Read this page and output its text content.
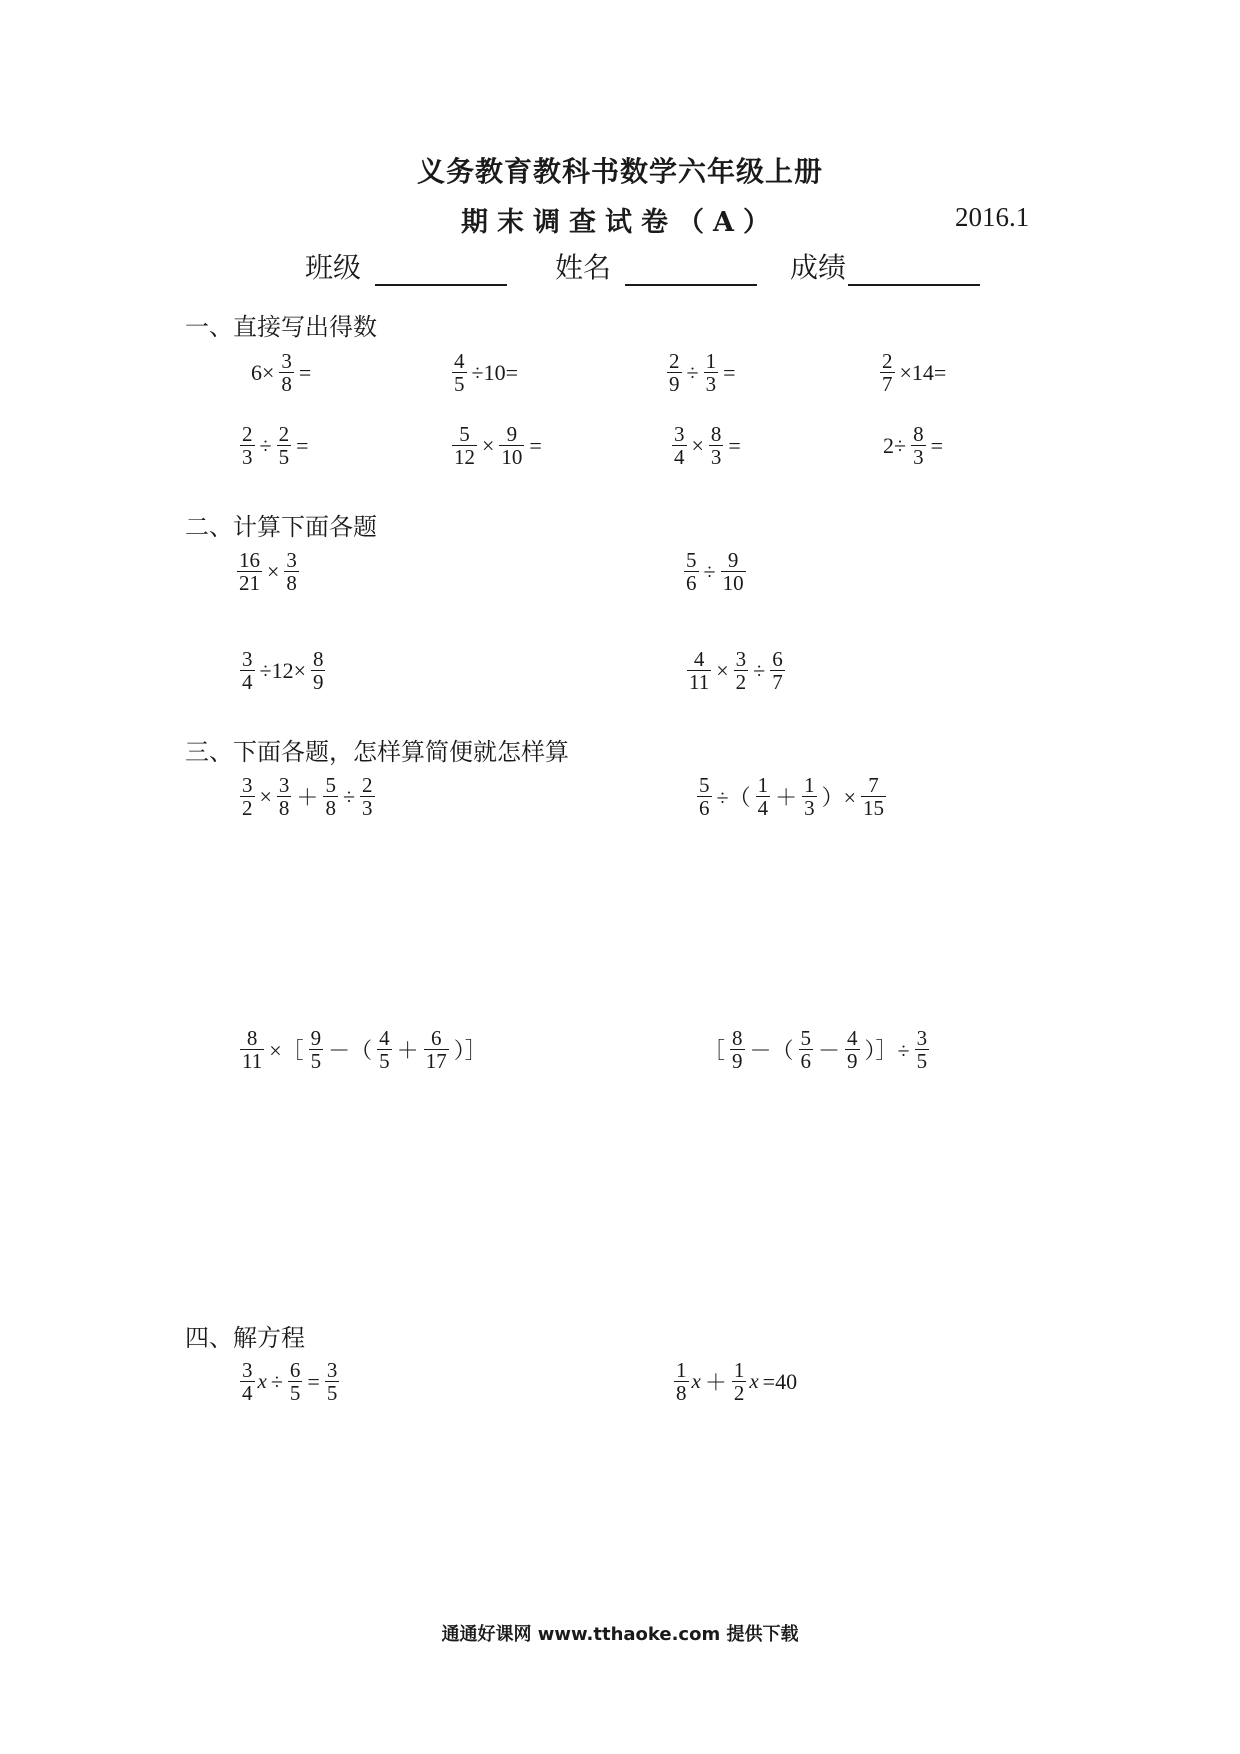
义务教育教科书数学六年级上册
期末调查试卷（A）	2016.1
班级	姓名	成绩
一、直接写出得数
二、计算下面各题
三、下面各题，怎样算简便就怎样算
四、解方程
$6\times \frac{3}{8}$ =	$\frac{4}{5} \div 10=$	$\frac{2}{9} \div \frac{1}{3}$ =	$\frac{2}{7} \times 14=$
$\frac{2}{3} \div \frac{2}{5}$ =	$\frac{5}{12} \times \frac{9}{10}$ =	$\frac{3}{4} \times \frac{8}{3}$ =	$2\div \frac{8}{3}$ =
$\frac{16}{21} \times \frac{3}{8}$	$\frac{5}{6} \div \frac{9}{10}$
$\frac{3}{4} \div 12\times \frac{8}{9}$	$\frac{4}{11} \times \frac{3}{2} \div \frac{6}{7}$
$\frac{3}{2} \times \frac{3}{8} + \frac{5}{8} \div \frac{2}{3}$	$\frac{5}{6}$ ÷（ $\frac{1}{4} + \frac{1}{3}$ ）× $\frac{7}{15}$
$\frac{8}{11}$ ×［ $\frac{9}{5}$ －（ $\frac{4}{5} + \frac{6}{17}$ ）］	［ $\frac{8}{9}$ －（ $\frac{5}{6} - \frac{4}{9}$ ）］÷ $\frac{3}{5}$
$\frac{3}{4}$ $x \div \frac{6}{5} = \frac{3}{5}$	$\frac{1}{8}$ $x + \frac{1}{2}$ x =40
通通好课网 www.tthaoke.com 提供下载
